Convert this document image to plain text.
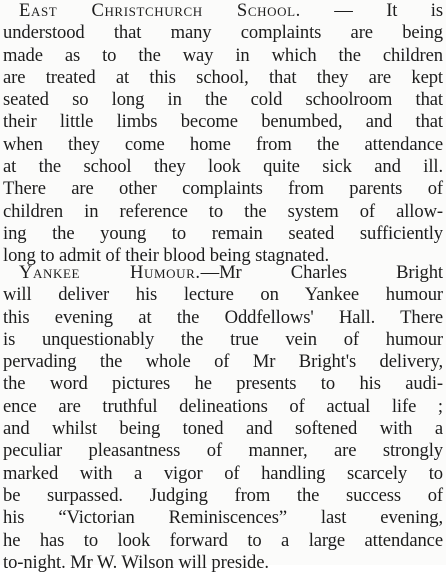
East Christchurch School. — It is
understood that many complaints are being
made as to the way in which the children
are treated at this school, that they are kept
seated so long in the cold schoolroom that
their little limbs become benumbed, and that
when they come home from the attendance
at the school they look quite sick and ill.
There are other complaints from parents of
children in reference to the system of allow-
ing the young to remain seated sufficiently
long to admit of their blood being stagnated.
Yankee Humour.—Mr Charles Bright
will deliver his lecture on Yankee humour
this evening at the Oddfellows' Hall. There
is unquestionably the true vein of humour
pervading the whole of Mr Bright's delivery,
the word pictures he presents to his audi-
ence are truthful delineations of actual life ;
and whilst being toned and softened with a
peculiar pleasantness of manner, are strongly
marked with a vigor of handling scarcely to
be surpassed. Judging from the success of
his “Victorian Reminiscences” last evening,
he has to look forward to a large attendance
to-night. Mr W. Wilson will preside.
